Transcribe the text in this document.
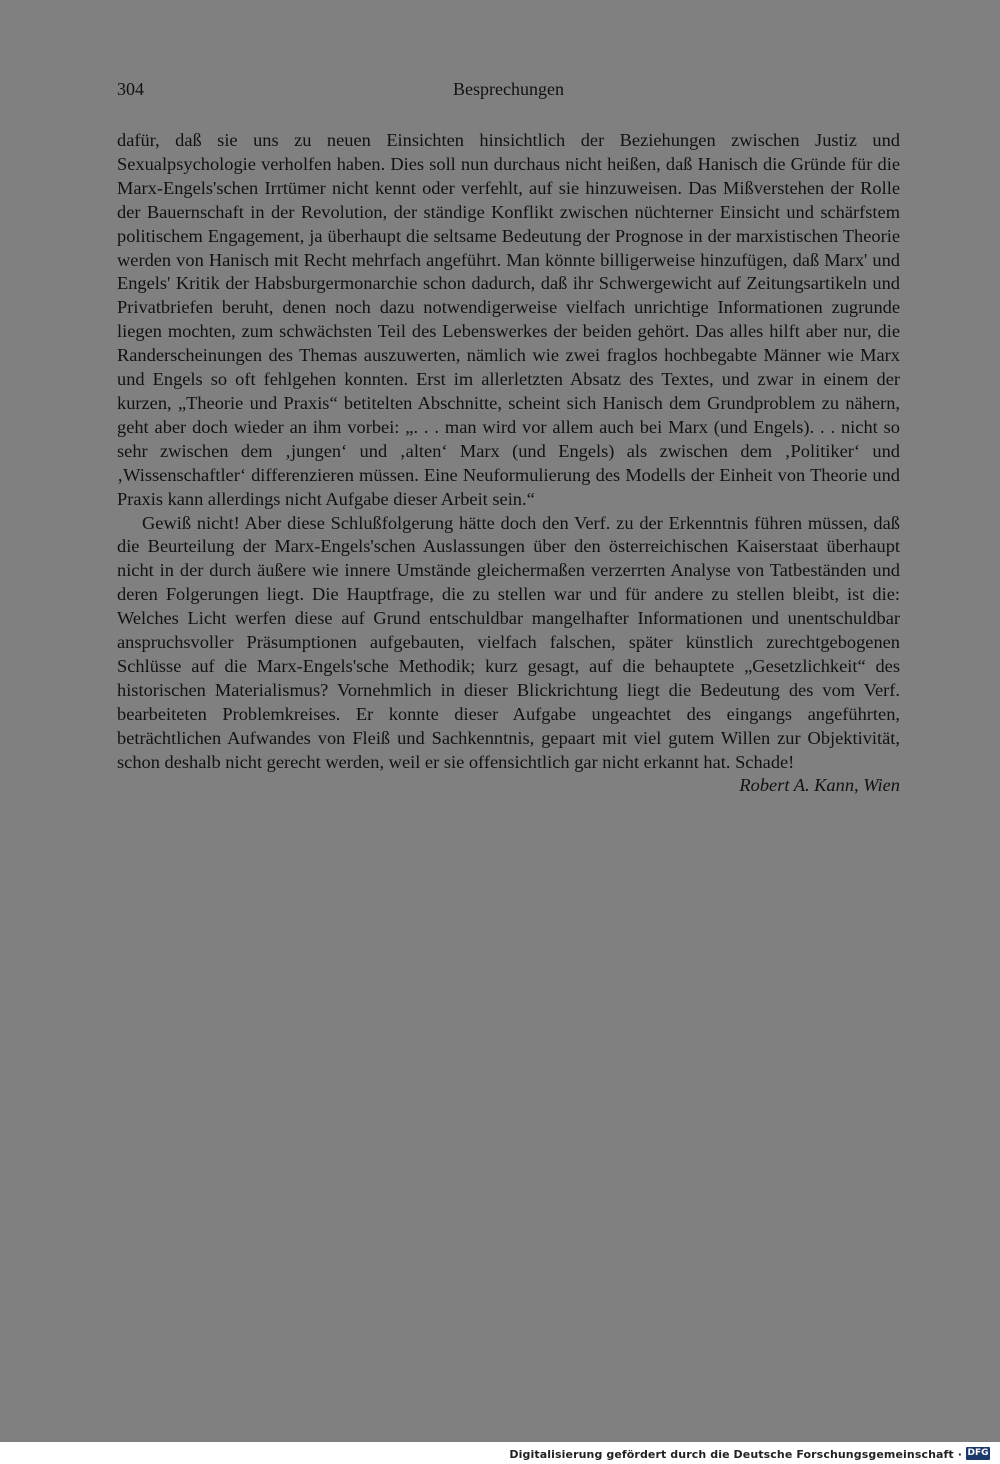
304	Besprechungen

dafür, daß sie uns zu neuen Einsichten hinsichtlich der Beziehungen zwischen Justiz und Sexualpsychologie verholfen haben. Dies soll nun durchaus nicht heißen, daß Hanisch die Gründe für die Marx-Engels'schen Irrtümer nicht kennt oder verfehlt, auf sie hinzuweisen. Das Mißverstehen der Rolle der Bauernschaft in der Revolution, der ständige Konflikt zwischen nüchterner Einsicht und schärfstem politischem Engagement, ja überhaupt die seltsame Bedeutung der Prognose in der marxistischen Theorie werden von Hanisch mit Recht mehrfach angeführt. Man könnte billigerweise hinzufügen, daß Marx' und Engels' Kritik der Habsburgermonarchie schon dadurch, daß ihr Schwergewicht auf Zeitungsartikeln und Privatbriefen beruht, denen noch dazu notwendigerweise vielfach unrichtige Informationen zugrunde liegen mochten, zum schwächsten Teil des Lebenswerkes der beiden gehört. Das alles hilft aber nur, die Randerscheinungen des Themas auszuwerten, nämlich wie zwei fraglos hochbegabte Männer wie Marx und Engels so oft fehlgehen konnten. Erst im allerletzten Absatz des Textes, und zwar in einem der kurzen, „Theorie und Praxis“ betitelten Abschnitte, scheint sich Hanisch dem Grundproblem zu nähern, geht aber doch wieder an ihm vorbei: „. . . man wird vor allem auch bei Marx (und Engels). . . nicht so sehr zwischen dem ‚jungen‘ und ‚alten‘ Marx (und Engels) als zwischen dem ‚Politiker‘ und ‚Wissenschaftler‘ differenzieren müssen. Eine Neuformulierung des Modells der Einheit von Theorie und Praxis kann allerdings nicht Aufgabe dieser Arbeit sein.“

Gewiß nicht! Aber diese Schlußfolgerung hätte doch den Verf. zu der Erkenntnis führen müssen, daß die Beurteilung der Marx-Engels'schen Auslassungen über den österreichischen Kaiserstaat überhaupt nicht in der durch äußere wie innere Umstände gleichermaßen verzerrten Analyse von Tatbeständen und deren Folgerungen liegt. Die Hauptfrage, die zu stellen war und für andere zu stellen bleibt, ist die: Welches Licht werfen diese auf Grund entschuldbar mangelhafter Informationen und unentschuldbar anspruchsvoller Präsumptionen aufgebauten, vielfach falschen, später künstlich zurechtgebogenen Schlüsse auf die Marx-Engels'sche Methodik; kurz gesagt, auf die behauptete „Gesetzlichkeit“ des historischen Materialismus? Vornehmlich in dieser Blickrichtung liegt die Bedeutung des vom Verf. bearbeiteten Problemkreises. Er konnte dieser Aufgabe ungeachtet des eingangs angeführten, beträchtlichen Aufwandes von Fleiß und Sachkenntnis, gepaart mit viel gutem Willen zur Objektivität, schon deshalb nicht gerecht werden, weil er sie offensichtlich gar nicht erkannt hat. Schade!

Robert A. Kann, Wien

Digitalisierung gefördert durch die Deutsche Forschungsgemeinschaft · DFG
